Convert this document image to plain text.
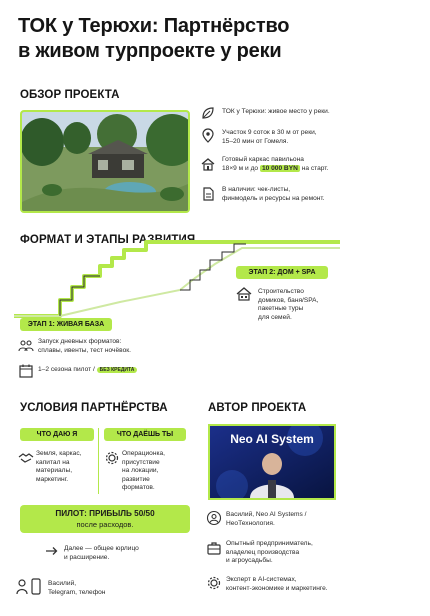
ТОК у Терюхи: Партнёрство
в живом турпроекте у реки
ОБЗОР ПРОЕКТА
ТОК у Терюхи: живое место у реки.
Участок 9 соток в 30 м от реки,
15–20 мин от Гомеля.
Готовый каркас павильона
18×9 м и до 10 000 BYN на старт.
В наличии: чек-листы,
финмодель и ресурсы на ремонт.
ФОРМАТ И ЭТАПЫ РАЗВИТИЯ
ЭТАП 2: ДОМ + SPA
Строительство
домиков, баня/SPA,
пакетные туры
для семей.
ЭТАП 1: ЖИВАЯ БАЗА
Запуск дневных форматов:
сплавы, ивенты, тест ночёвок.
1–2 сезона пилот / БЕЗ КРЕДИТА
УСЛОВИЯ ПАРТНЁРСТВА
ЧТО ДАЮ Я	ЧТО ДАЁШЬ ТЫ
Земля, каркас,
капитал на
материалы,
маркетинг.
Операционка,
присутствие
на локации,
развитие
форматов.
ПИЛОТ: ПРИБЫЛЬ 50/50
после расходов.
Далее — общее юрлицо
и расширение.
Василий,
Telegram, телефон
АВТОР ПРОЕКТА
Neo AI System
Василий, Neo AI Systems /
НеоТехнология.
Опытный предприниматель,
владелец производства
и агроусадьбы.
Эксперт в AI-системах,
контент-экономике и маркетинге.
